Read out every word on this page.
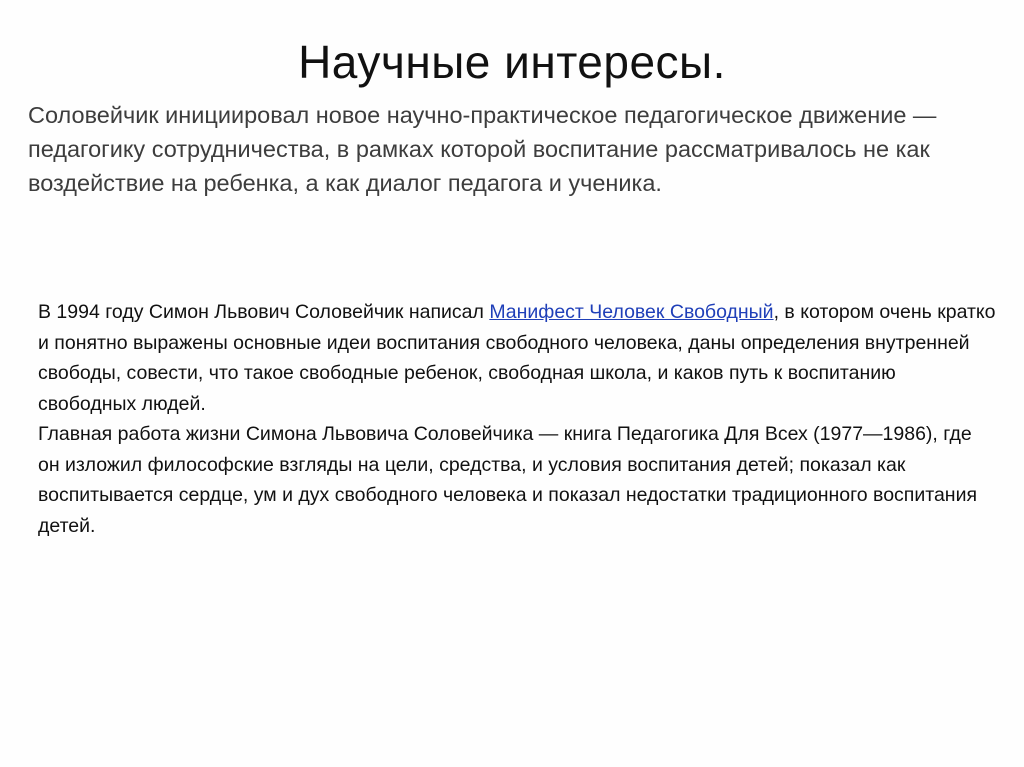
Научные интересы.

Соловейчик инициировал новое научно-практическое педагогическое движение — педагогику сотрудничества, в рамках которой воспитание рассматривалось не как воздействие на ребенка, а как диалог педагога и ученика.

В 1994 году Симон Львович Соловейчик написал Манифест Человек Свободный, в котором очень кратко и понятно выражены основные идеи воспитания свободного человека, даны определения внутренней свободы, совести, что такое свободные ребенок, свободная школа, и каков путь к воспитанию свободных людей.

Главная работа жизни Симона Львовича Соловейчика — книга Педагогика Для Всех (1977—1986), где он изложил философские взгляды на цели, средства, и условия воспитания детей; показал как воспитывается сердце, ум и дух свободного человека и показал недостатки традиционного воспитания детей.
